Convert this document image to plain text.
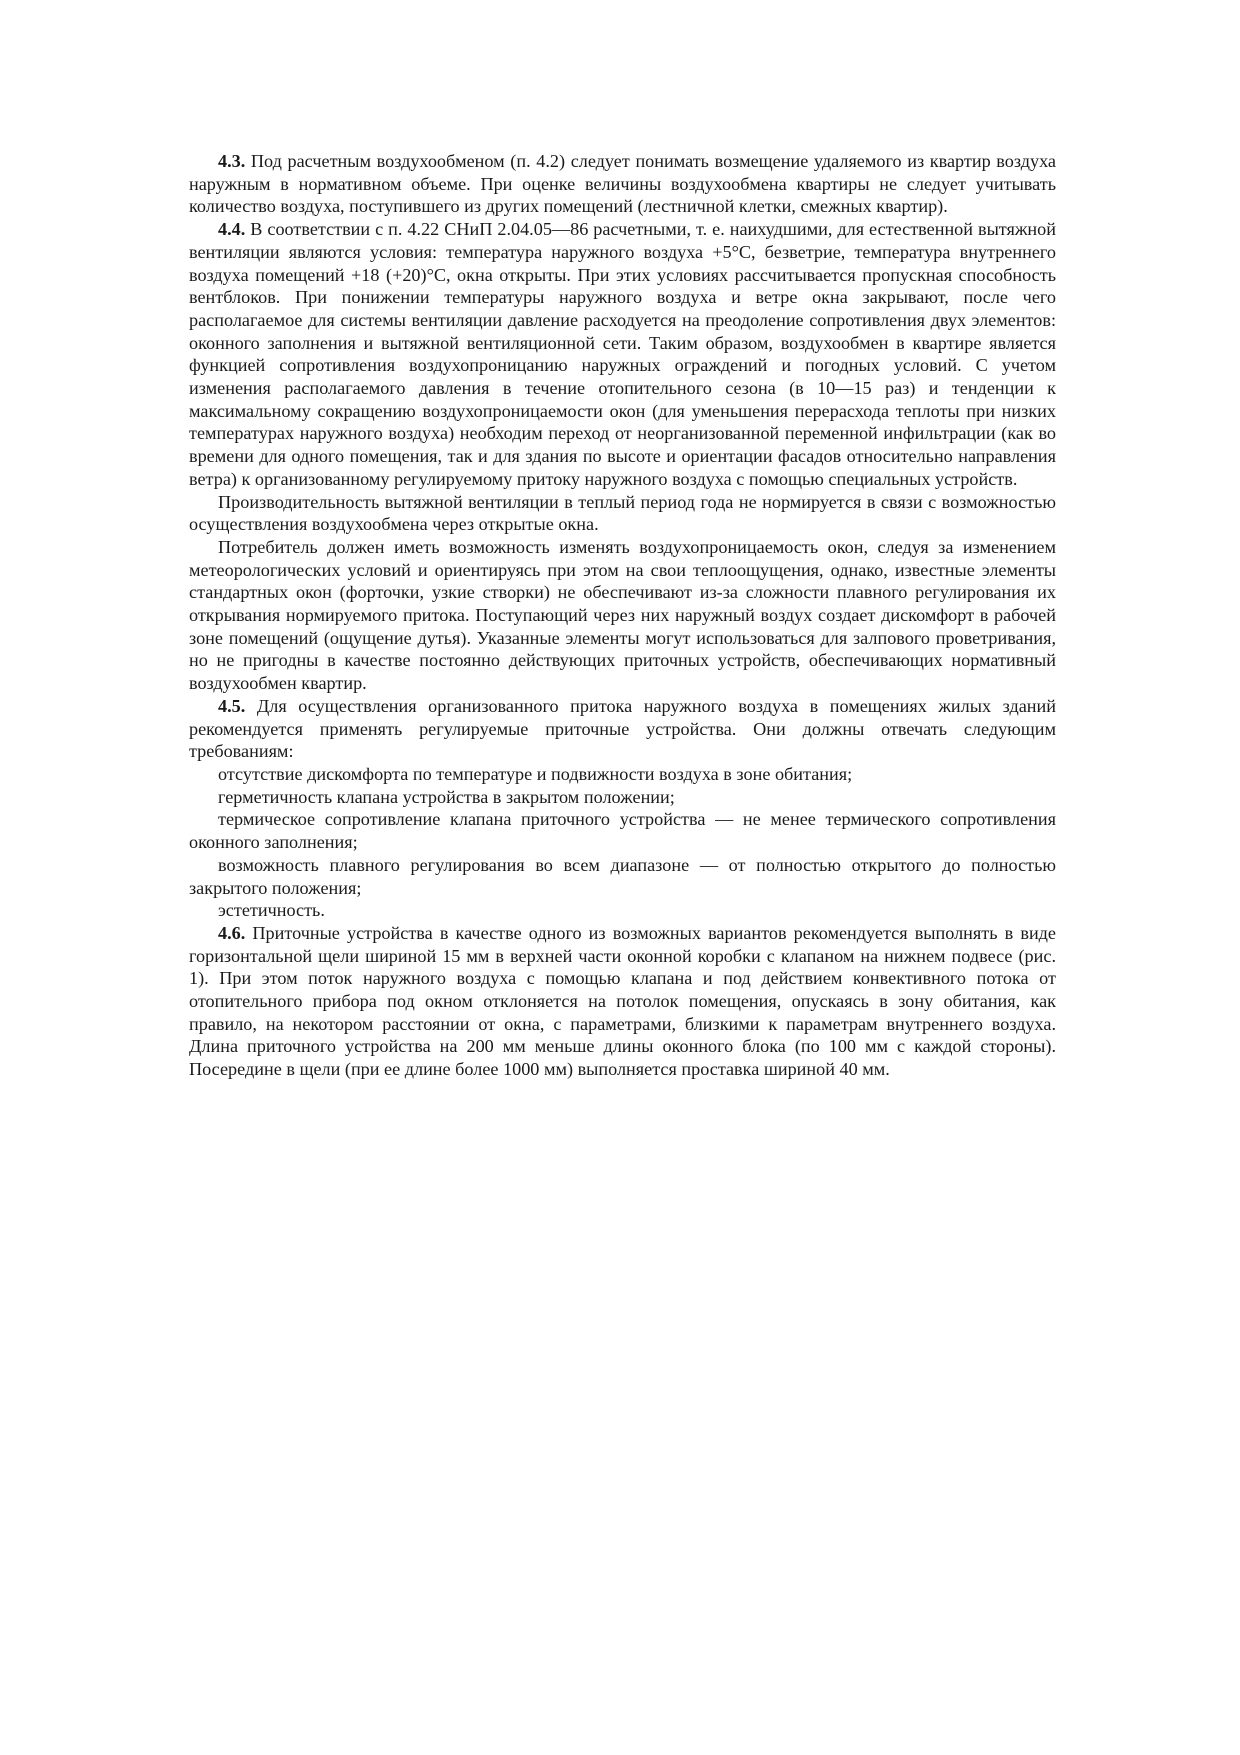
4.3. Под расчетным воздухообменом (п. 4.2) следует понимать возмещение удаляемого из квартир воздуха наружным в нормативном объеме. При оценке величины воздухообмена квартиры не следует учитывать количество воздуха, поступившего из других помещений (лестничной клетки, смежных квартир).

4.4. В соответствии с п. 4.22 СНиП 2.04.05—86 расчетными, т. е. наихудшими, для естественной вытяжной вентиляции являются условия: температура наружного воздуха +5°С, безветрие, температура внутреннего воздуха помещений +18 (+20)°С, окна открыты. При этих условиях рассчитывается пропускная способность вентблоков. При понижении температуры наружного воздуха и ветре окна закрывают, после чего располагаемое для системы вентиляции давление расходуется на преодоление сопротивления двух элементов: оконного заполнения и вытяжной вентиляционной сети. Таким образом, воздухообмен в квартире является функцией сопротивления воздухопроницанию наружных ограждений и погодных условий. С учетом изменения располагаемого давления в течение отопительного сезона (в 10—15 раз) и тенденции к максимальному сокращению воздухопроницаемости окон (для уменьшения перерасхода теплоты при низких температурах наружного воздуха) необходим переход от неорганизованной переменной инфильтрации (как во времени для одного помещения, так и для здания по высоте и ориентации фасадов относительно направления ветра) к организованному регулируемому притоку наружного воздуха с помощью специальных устройств.

Производительность вытяжной вентиляции в теплый период года не нормируется в связи с возможностью осуществления воздухообмена через открытые окна.

Потребитель должен иметь возможность изменять воздухопроницаемость окон, следуя за изменением метеорологических условий и ориентируясь при этом на свои теплоощущения, однако, известные элементы стандартных окон (форточки, узкие створки) не обеспечивают из-за сложности плавного регулирования их открывания нормируемого притока. Поступающий через них наружный воздух создает дискомфорт в рабочей зоне помещений (ощущение дутья). Указанные элементы могут использоваться для залпового проветривания, но не пригодны в качестве постоянно действующих приточных устройств, обеспечивающих нормативный воздухообмен квартир.

4.5. Для осуществления организованного притока наружного воздуха в помещениях жилых зданий рекомендуется применять регулируемые приточные устройства. Они должны отвечать следующим требованиям:

отсутствие дискомфорта по температуре и подвижности воздуха в зоне обитания;

герметичность клапана устройства в закрытом положении;

термическое сопротивление клапана приточного устройства — не менее термического сопротивления оконного заполнения;

возможность плавного регулирования во всем диапазоне — от полностью открытого до полностью закрытого положения;

эстетичность.

4.6. Приточные устройства в качестве одного из возможных вариантов рекомендуется выполнять в виде горизонтальной щели шириной 15 мм в верхней части оконной коробки с клапаном на нижнем подвесе (рис. 1). При этом поток наружного воздуха с помощью клапана и под действием конвективного потока от отопительного прибора под окном отклоняется на потолок помещения, опускаясь в зону обитания, как правило, на некотором расстоянии от окна, с параметрами, близкими к параметрам внутреннего воздуха. Длина приточного устройства на 200 мм меньше длины оконного блока (по 100 мм с каждой стороны). Посередине в щели (при ее длине более 1000 мм) выполняется проставка шириной 40 мм.
